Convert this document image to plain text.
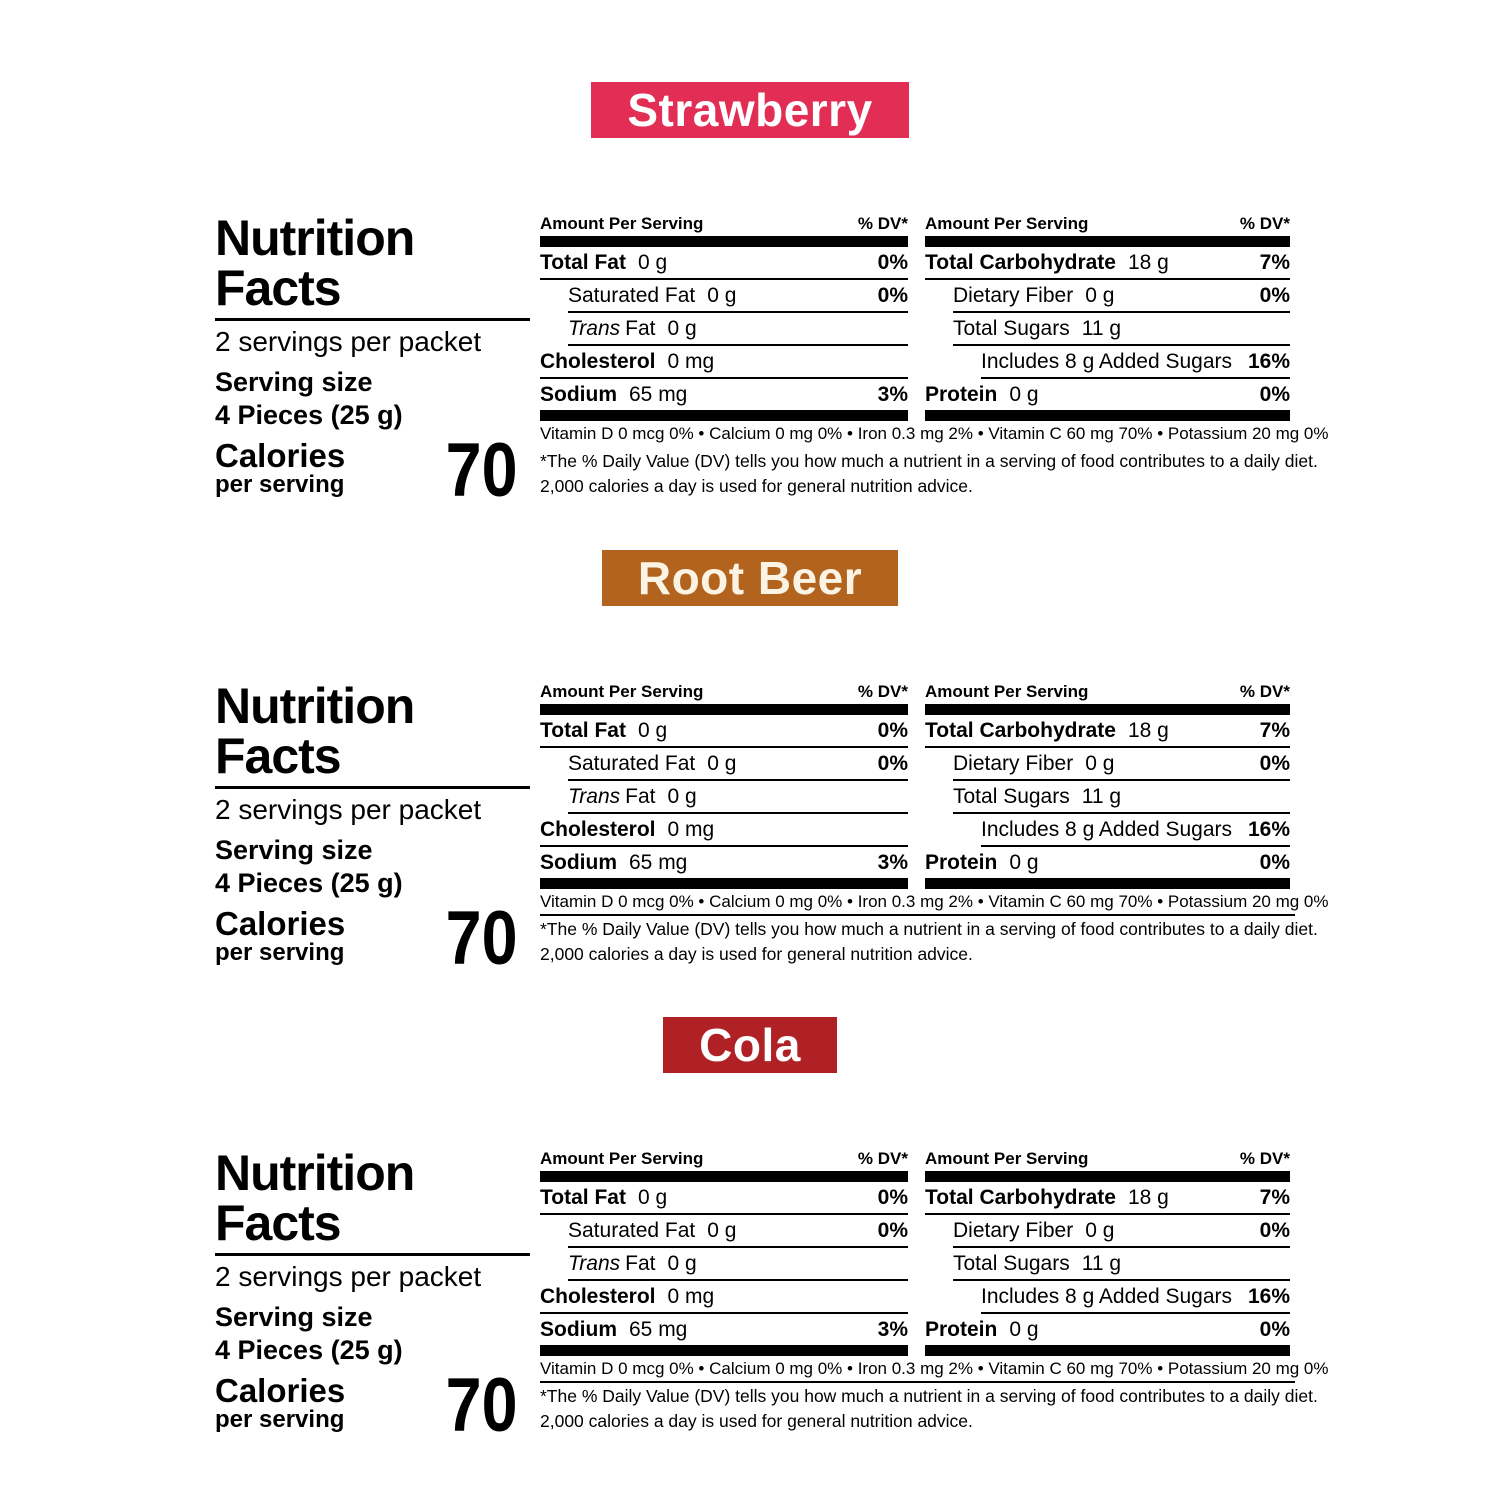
Strawberry
Nutrition
Facts
2 servings per packet
Serving size
4 Pieces (25 g)
Calories
per serving 70
Amount Per Serving	% DV*
Total Fat 0 g	0%
Saturated Fat 0 g	0%
Trans Fat 0 g
Cholesterol 0 mg
Sodium 65 mg	3%
Amount Per Serving	% DV*
Total Carbohydrate 18 g	7%
Dietary Fiber 0 g	0%
Total Sugars 11 g
Includes 8 g Added Sugars 16%
Protein 0 g	0%
Vitamin D 0 mcg 0% • Calcium 0 mg 0% • Iron 0.3 mg 2% • Vitamin C 60 mg 70% • Potassium 20 mg 0%
*The % Daily Value (DV) tells you how much a nutrient in a serving of food contributes to a daily diet.
2,000 calories a day is used for general nutrition advice.
Root Beer
Nutrition
Facts
2 servings per packet
Serving size
4 Pieces (25 g)
Calories
per serving 70
Amount Per Serving	% DV*
Total Fat 0 g	0%
Saturated Fat 0 g	0%
Trans Fat 0 g
Cholesterol 0 mg
Sodium 65 mg	3%
Amount Per Serving	% DV*
Total Carbohydrate 18 g	7%
Dietary Fiber 0 g	0%
Total Sugars 11 g
Includes 8 g Added Sugars 16%
Protein 0 g	0%
Vitamin D 0 mcg 0% • Calcium 0 mg 0% • Iron 0.3 mg 2% • Vitamin C 60 mg 70% • Potassium 20 mg 0%
*The % Daily Value (DV) tells you how much a nutrient in a serving of food contributes to a daily diet.
2,000 calories a day is used for general nutrition advice.
Cola
Nutrition
Facts
2 servings per packet
Serving size
4 Pieces (25 g)
Calories
per serving 70
Amount Per Serving	% DV*
Total Fat 0 g	0%
Saturated Fat 0 g	0%
Trans Fat 0 g
Cholesterol 0 mg
Sodium 65 mg	3%
Amount Per Serving	% DV*
Total Carbohydrate 18 g	7%
Dietary Fiber 0 g	0%
Total Sugars 11 g
Includes 8 g Added Sugars 16%
Protein 0 g	0%
Vitamin D 0 mcg 0% • Calcium 0 mg 0% • Iron 0.3 mg 2% • Vitamin C 60 mg 70% • Potassium 20 mg 0%
*The % Daily Value (DV) tells you how much a nutrient in a serving of food contributes to a daily diet.
2,000 calories a day is used for general nutrition advice.
